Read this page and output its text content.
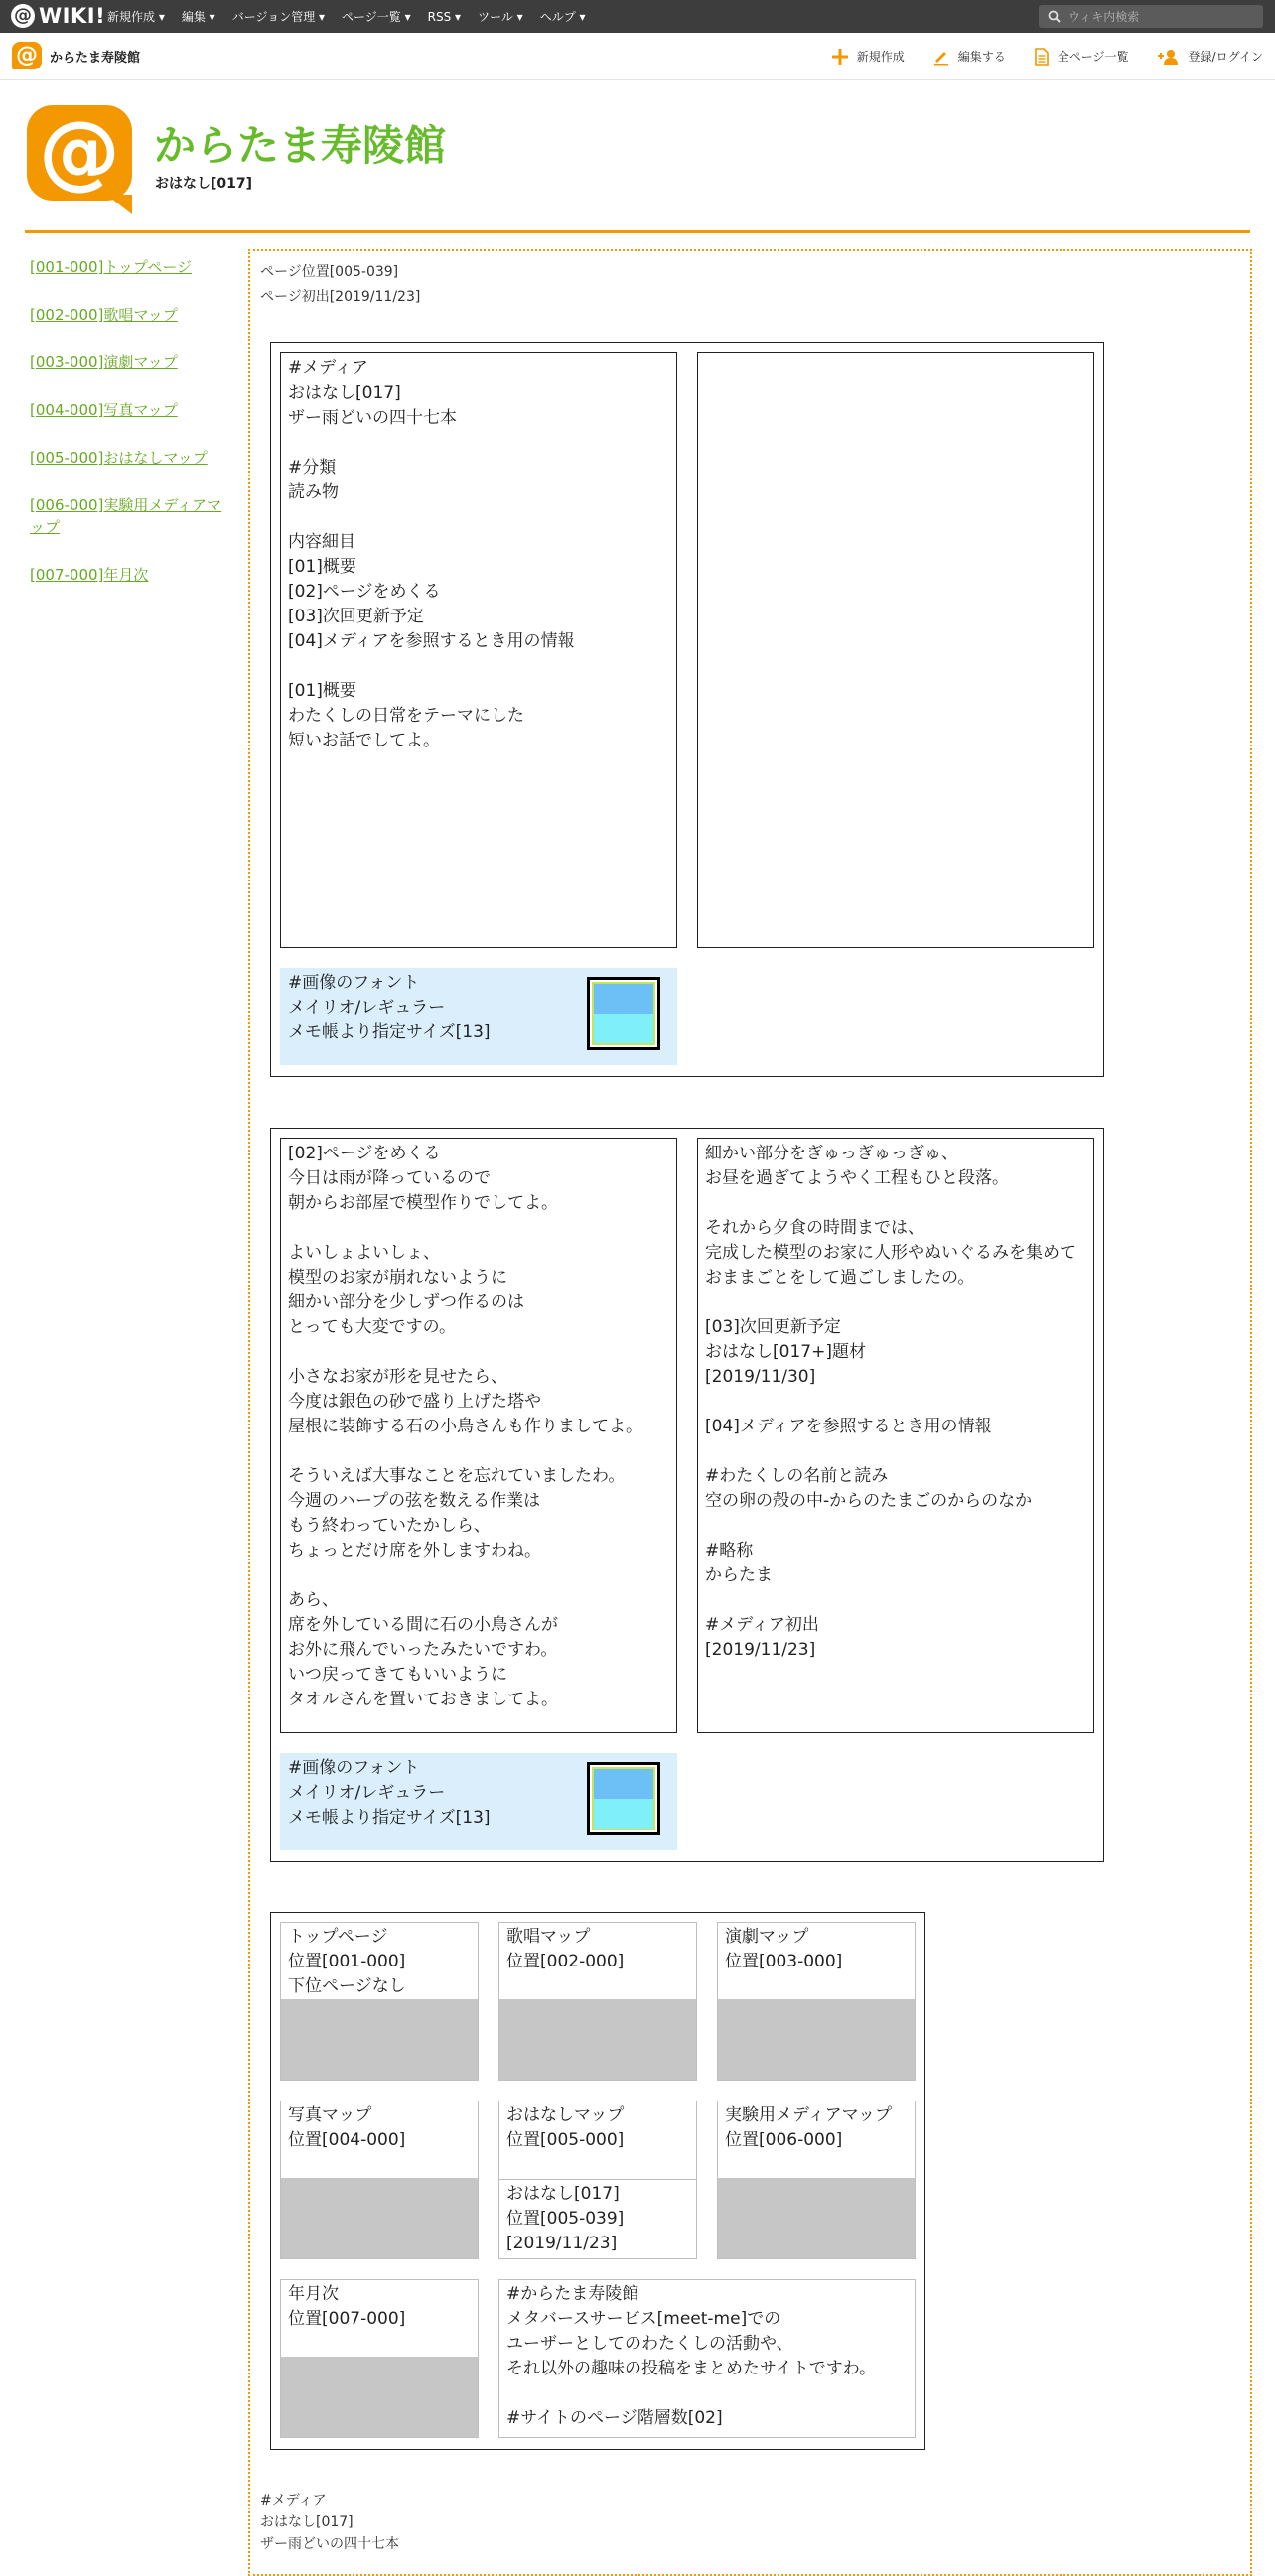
@ WIKI! 新規作成 ▾ 編集 ▾ バージョン管理 ▾ ページ一覧 ▾ RSS ▾ ツール ▾ ヘルプ ▾
ウィキ内検索
@ からたま寿陵館	新規作成	編集する	全ページ一覧	登録/ログイン
@ からたま寿陵館
おはなし[017]
[001-000]トップページ
[002-000]歌唱マップ
[003-000]演劇マップ
[004-000]写真マップ
[005-000]おはなしマップ
[006-000]実験用メディアマップ
[007-000]年月次
ページ位置[005-039]
ページ初出[2019/11/23]
#メディア
おはなし[017]
ザー雨どいの四十七本

#分類
読み物

内容細目
[01]概要
[02]ページをめくる
[03]次回更新予定
[04]メディアを参照するとき用の情報

[01]概要
わたくしの日常をテーマにした
短いお話でしてよ。
#画像のフォント
メイリオ/レギュラー
メモ帳より指定サイズ[13]
[02]ページをめくる
今日は雨が降っているので
朝からお部屋で模型作りでしてよ。

よいしょよいしょ、
模型のお家が崩れないように
細かい部分を少しずつ作るのは
とっても大変ですの。

小さなお家が形を見せたら、
今度は銀色の砂で盛り上げた塔や
屋根に装飾する石の小鳥さんも作りましてよ。

そういえば大事なことを忘れていましたわ。
今週のハープの弦を数える作業は
もう終わっていたかしら、
ちょっとだけ席を外しますわね。

あら、
席を外している間に石の小鳥さんが
お外に飛んでいったみたいですわ。
いつ戻ってきてもいいように
タオルさんを置いておきましてよ。
細かい部分をぎゅっぎゅっぎゅ、
お昼を過ぎてようやく工程もひと段落。

それから夕食の時間までは、
完成した模型のお家に人形やぬいぐるみを集めて
おままごとをして過ごしましたの。

[03]次回更新予定
おはなし[017+]題材
[2019/11/30]

[04]メディアを参照するとき用の情報

#わたくしの名前と読み
空の卵の殻の中-からのたまごのからのなか

#略称
からたま

#メディア初出
[2019/11/23]
#画像のフォント
メイリオ/レギュラー
メモ帳より指定サイズ[13]
トップページ
位置[001-000]
下位ページなし
歌唱マップ
位置[002-000]
演劇マップ
位置[003-000]
写真マップ
位置[004-000]
おはなしマップ
位置[005-000]
おはなし[017]
位置[005-039]
[2019/11/23]
実験用メディアマップ
位置[006-000]
年月次
位置[007-000]
#からたま寿陵館
メタバースサービス[meet-me]での
ユーザーとしてのわたくしの活動や、
それ以外の趣味の投稿をまとめたサイトですわ。

#サイトのページ階層数[02]
#メディア
おはなし[017]
ザー雨どいの四十七本
